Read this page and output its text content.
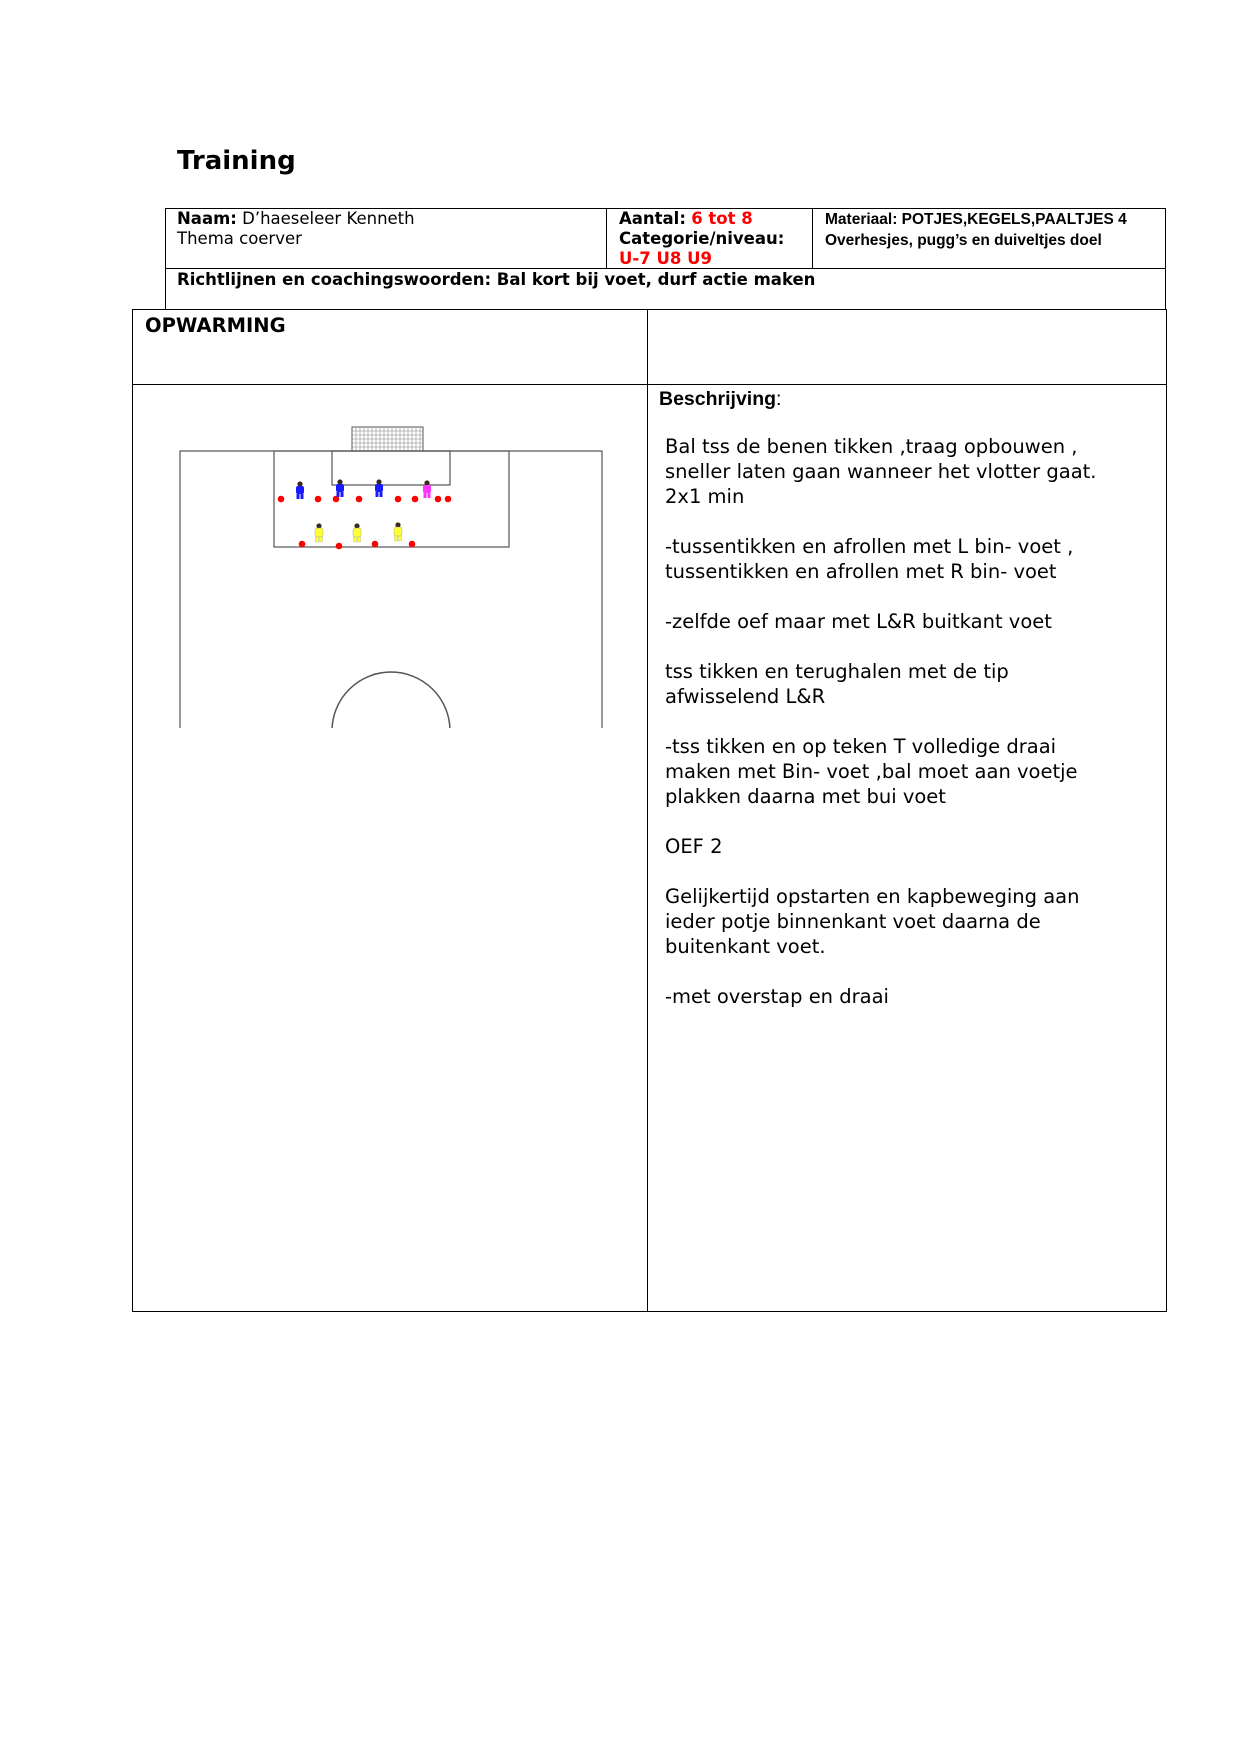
Training
Naam: D’haeseleer Kenneth
Thema coerver
Aantal: 6 tot 8
Categorie/niveau:
U-7 U8 U9
Materiaal: POTJES,KEGELS,PAALTJES 4
Overhesjes, pugg’s en duiveltjes doel
Richtlijnen en coachingswoorden: Bal kort bij voet, durf actie maken
OPWARMING
Beschrijving:

Bal tss de benen tikken ,traag opbouwen ,
sneller laten gaan wanneer het vlotter gaat.
2x1 min

-tussentikken en afrollen met L bin- voet ,
tussentikken en afrollen met R bin- voet

-zelfde oef maar met L&R buitkant voet

tss tikken en terughalen met de tip
afwisselend L&R

-tss tikken en op teken T volledige draai
maken met Bin- voet ,bal moet aan voetje
plakken daarna met bui voet

OEF 2

Gelijkertijd opstarten en kapbeweging aan
ieder potje binnenkant voet daarna de
buitenkant voet.

-met overstap en draai
